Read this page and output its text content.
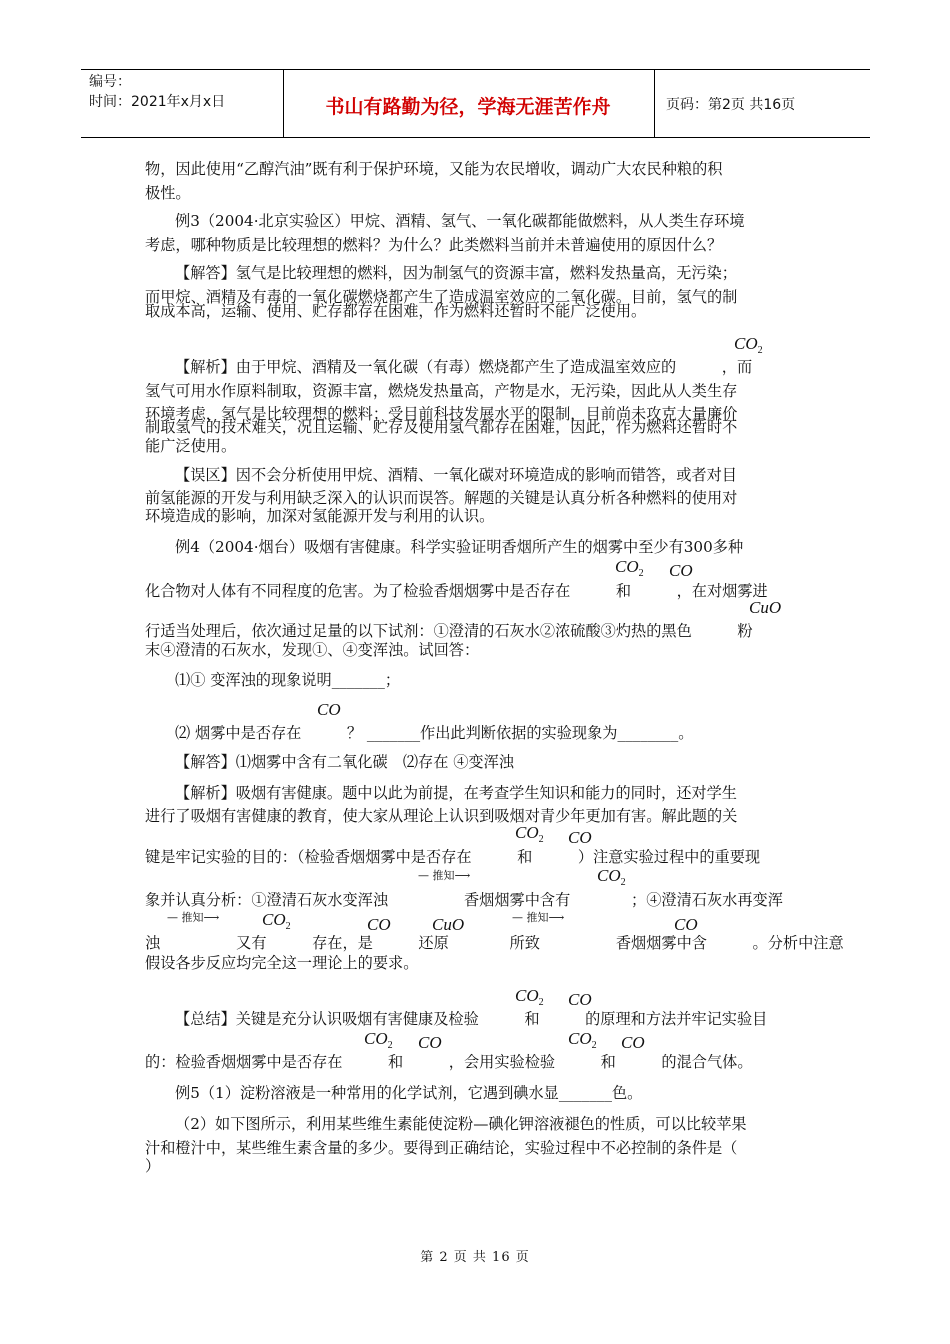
编号：
时间：2021年x月x日	书山有路勤为径，学海无涯苦作舟	页码：第2页 共16页
物，因此使用“乙醇汽油”既有利于保护环境，又能为农民增收，调动广大农民种粮的积
极性。
例3（2004·北京实验区）甲烷、酒精、氢气、一氧化碳都能做燃料，从人类生存环境
考虑，哪种物质是比较理想的燃料？为什么？此类燃料当前并未普遍使用的原因什么？
【解答】氢气是比较理想的燃料，因为制氢气的资源丰富，燃料发热量高，无污染；
而甲烷、酒精及有毒的一氧化碳燃烧都产生了造成温室效应的二氧化碳。目前，氢气的制
取成本高，运输、使用、贮存都存在困难，作为燃料还暂时不能广泛使用。
$CO_2$
【解析】由于甲烷、酒精及一氧化碳（有毒）燃烧都产生了造成温室效应的　　　，而
氢气可用水作原料制取，资源丰富，燃烧发热量高，产物是水，无污染，因此从人类生存
环境考虑，氢气是比较理想的燃料；受目前科技发展水平的限制，目前尚未攻克大量廉价
制取氢气的技术难关，况且运输、贮存及使用氢气都存在困难，因此，作为燃料还暂时不
能广泛使用。
【误区】因不会分析使用甲烷、酒精、一氧化碳对环境造成的影响而错答，或者对目
前氢能源的开发与利用缺乏深入的认识而误答。解题的关键是认真分析各种燃料的使用对
环境造成的影响，加深对氢能源开发与利用的认识。
例4（2004·烟台）吸烟有害健康。科学实验证明香烟所产生的烟雾中至少有300多种
$CO_2$ CO
化合物对人体有不同程度的危害。为了检验香烟烟雾中是否存在　　　和　　　，在对烟雾进
CuO
行适当处理后，依次通过足量的以下试剂：①澄清的石灰水②浓硫酸③灼热的黑色　　　粉
末④澄清的石灰水，发现①、④变浑浊。试回答：
⑴① 变浑浊的现象说明_______；
CO
⑵ 烟雾中是否存在　　　？ _______作出此判断依据的实验现象为________。
【解答】⑴烟雾中含有二氧化碳　⑵存在 ④变浑浊
【解析】吸烟有害健康。题中以此为前提，在考查学生知识和能力的同时，还对学生
进行了吸烟有害健康的教育，使大家从理论上认识到吸烟对青少年更加有害。解此题的关
$CO_2$ CO
键是牢记实验的目的：（检验香烟烟雾中是否存在　　　和　　　）注意实验过程中的重要现
— 推知⟶	$CO_2$
象并认真分析：①澄清石灰水变浑浊　　　　　香烟烟雾中含有　　　　；④澄清石灰水再变浑
— 推知⟶	$CO_2$	CO CuO	— 推知⟶	CO
浊　　　　　又有　　　存在，是　　　还原　　　　所致　　　　　香烟烟雾中含　　　。分析中注意
假设各步反应均完全这一理论上的要求。
$CO_2$ CO
【总结】关键是充分认识吸烟有害健康及检验　　　和　　　的原理和方法并牢记实验目
$CO_2$ CO	$CO_2$ CO
的：检验香烟烟雾中是否存在　　　和　　　，会用实验检验　　　和　　　的混合气体。
例5（1）淀粉溶液是一种常用的化学试剂，它遇到碘水显_______色。
（2）如下图所示，利用某些维生素能使淀粉—碘化钾溶液褪色的性质，可以比较苹果
汁和橙汁中，某些维生素含量的多少。要得到正确结论，实验过程中不必控制的条件是（
）
第 2 页 共 16 页
